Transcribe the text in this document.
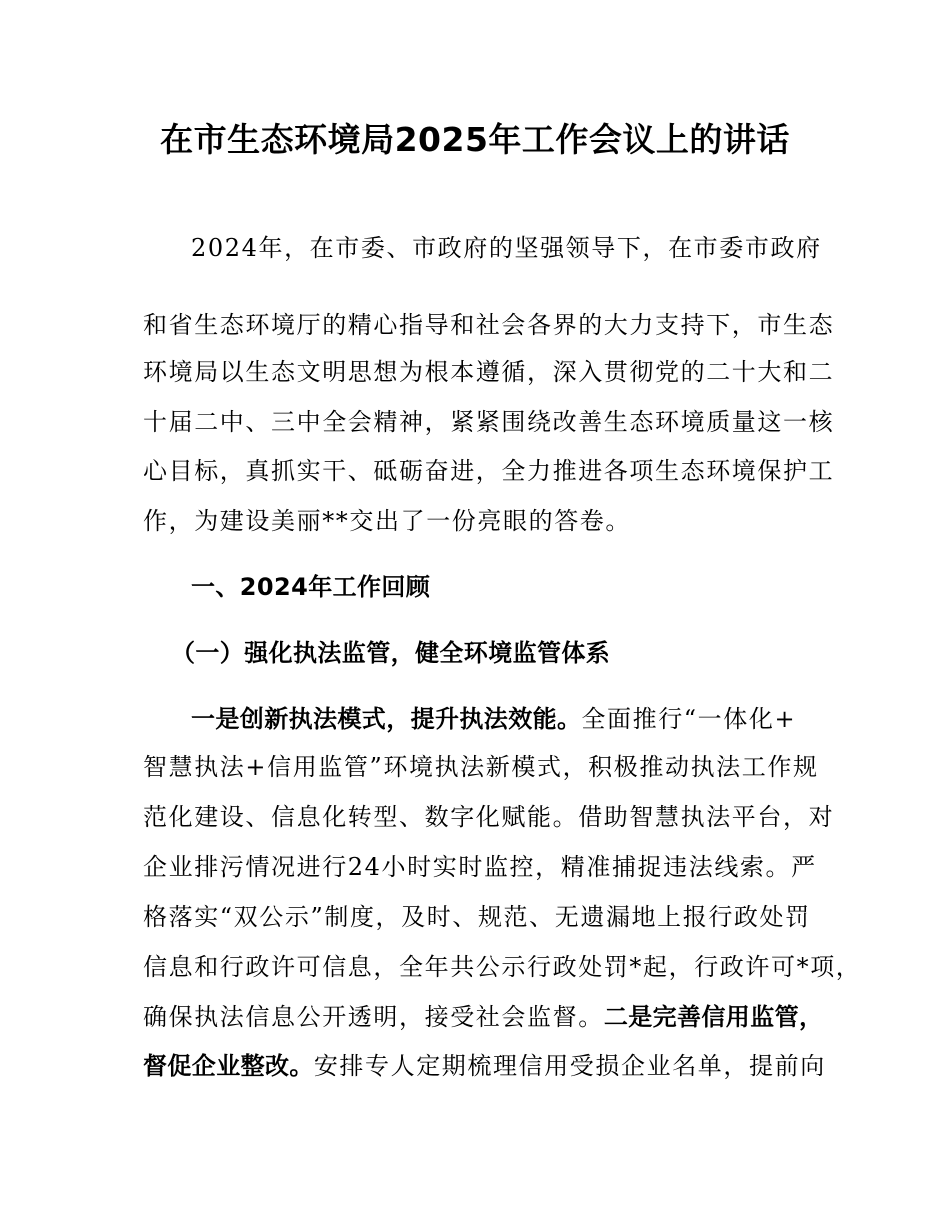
在市生态环境局2025年工作会议上的讲话
2024年，在市委、市政府的坚强领导下，在市委市政府
和省生态环境厅的精心指导和社会各界的大力支持下，市生态
环境局以生态文明思想为根本遵循，深入贯彻党的二十大和二
十届二中、三中全会精神，紧紧围绕改善生态环境质量这一核
心目标，真抓实干、砥砺奋进，全力推进各项生态环境保护工
作，为建设美丽**交出了一份亮眼的答卷。
一、2024年工作回顾
（一）强化执法监管，健全环境监管体系
一是创新执法模式，提升执法效能。全面推行“一体化+
智慧执法+信用监管”环境执法新模式，积极推动执法工作规
范化建设、信息化转型、数字化赋能。借助智慧执法平台，对
企业排污情况进行24小时实时监控，精准捕捉违法线索。严
格落实“双公示”制度，及时、规范、无遗漏地上报行政处罚
信息和行政许可信息，全年共公示行政处罚*起，行政许可*项，
确保执法信息公开透明，接受社会监督。二是完善信用监管，
督促企业整改。安排专人定期梳理信用受损企业名单，提前向
